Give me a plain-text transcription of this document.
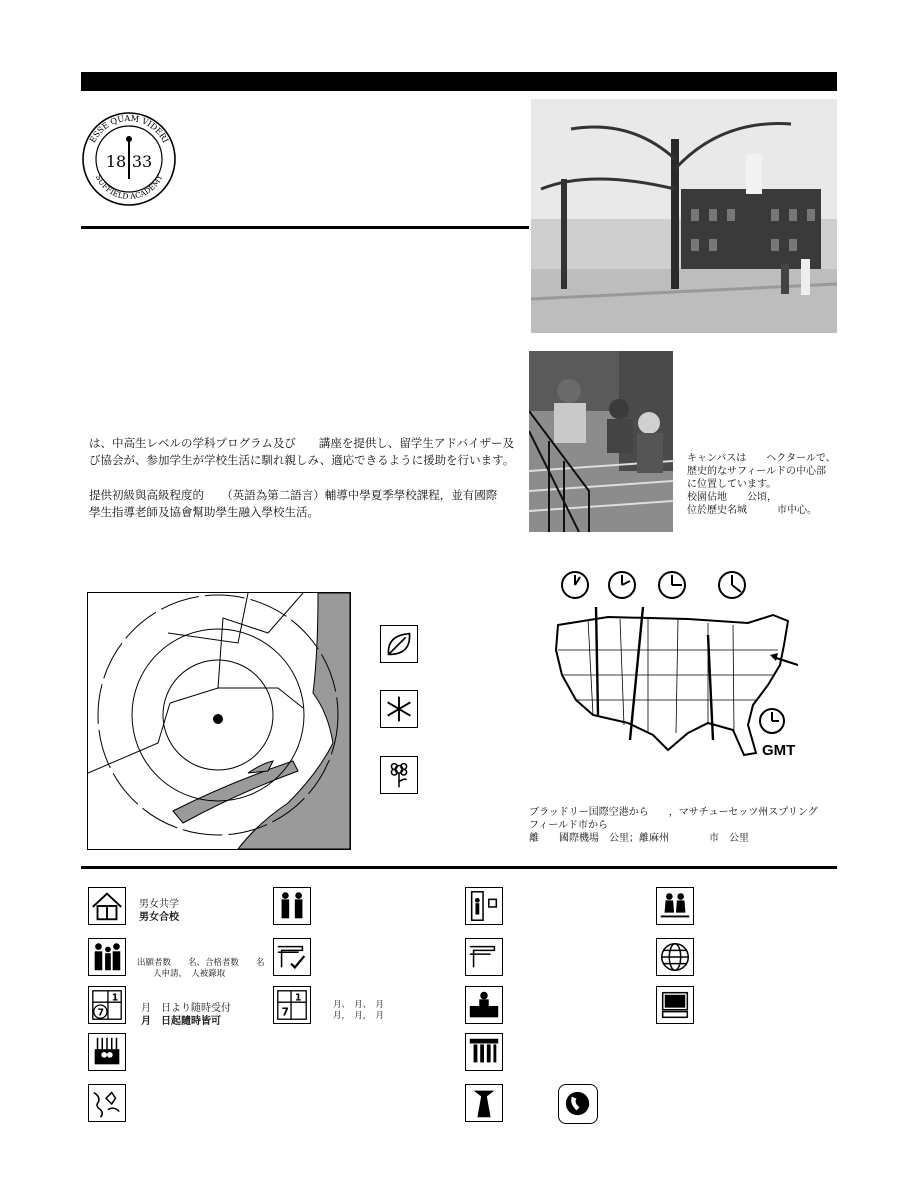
ESSE QUAM VIDERI
SUFFIELD ACADEMY
18 33
キャンパスは　　ヘクタールで、
歴史的なサフィールドの中心部
に位置しています。
校園佔地　　公頃，
位於歷史名城　　　市中心。
は、中高生レベルの学科プログラム及び　　講座を提供し、留学生アドバイザー及び協会が、参加学生が学校生活に馴れ親しみ、適応できるように援助を行います。
提供初級與高級程度的　　（英語為第二語言）輔導中學夏季學校課程，並有國際學生指導老師及協會幫助學生融入學校生活。
GMT
ブラッドリー国際空港から　　，マサチューセッツ州スプリング
フィールド市から
離　　國際機場　公里；離麻州　　　　市　公里
男女共学
男女合校
出願者数　　名、合格者数　　名
人申請，　人被錄取
7
1
月　日より随時受付
月　日起隨時皆可
7
1
月、　月、　月
月，　月，　月
